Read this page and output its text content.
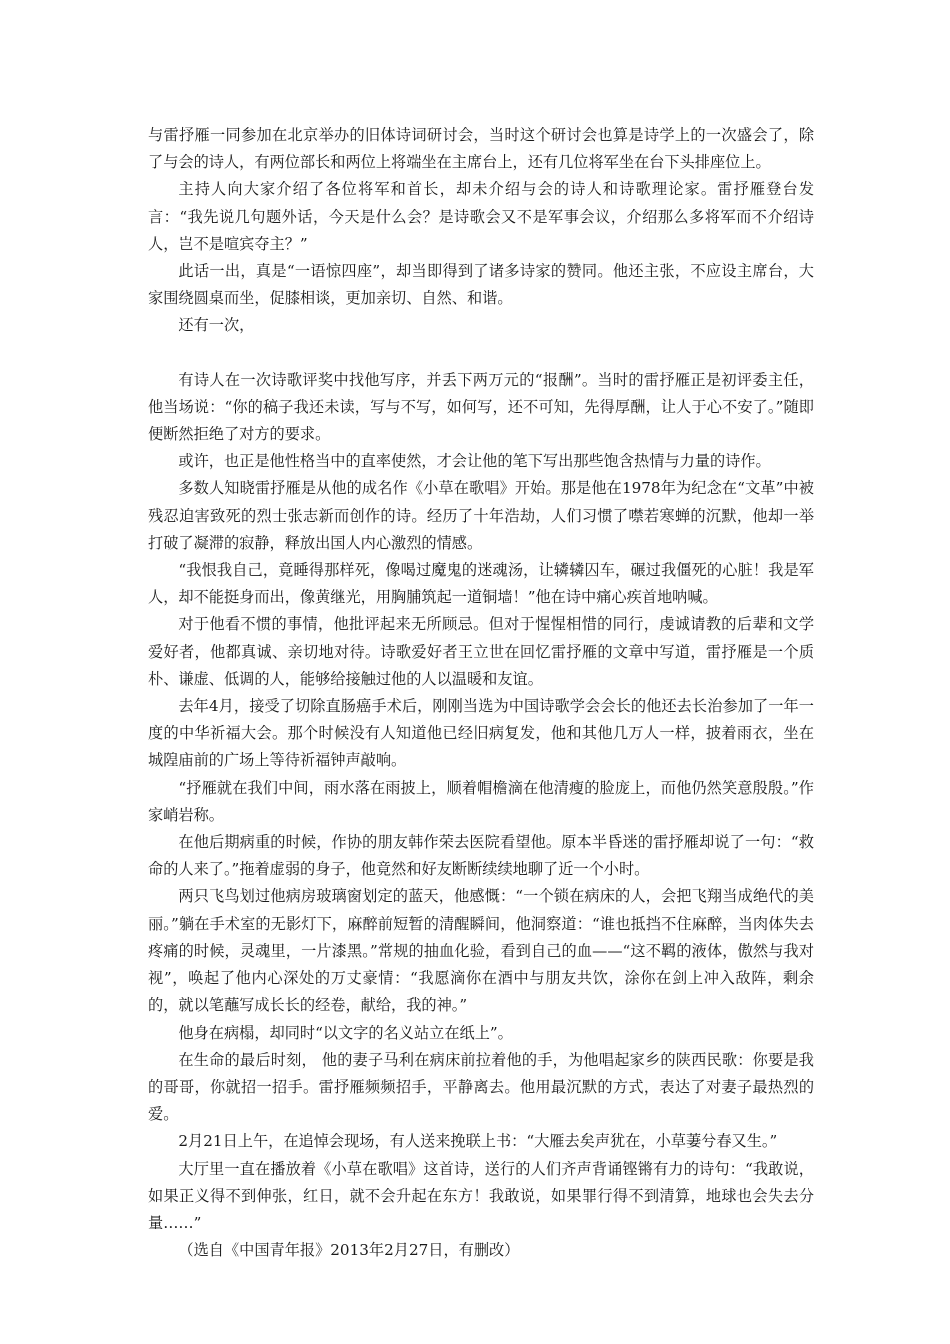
与雷抒雁一同参加在北京举办的旧体诗词研讨会，当时这个研讨会也算是诗学上的一次盛会了，除了与会的诗人，有两位部长和两位上将端坐在主席台上，还有几位将军坐在台下头排座位上。

主持人向大家介绍了各位将军和首长，却未介绍与会的诗人和诗歌理论家。雷抒雁登台发言：“我先说几句题外话，今天是什么会？是诗歌会又不是军事会议，介绍那么多将军而不介绍诗人，岂不是喧宾夺主？”

此话一出，真是“一语惊四座”，却当即得到了诸多诗家的赞同。他还主张，不应设主席台，大家围绕圆桌而坐，促膝相谈，更加亲切、自然、和谐。

还有一次，

有诗人在一次诗歌评奖中找他写序，并丢下两万元的“报酬”。当时的雷抒雁正是初评委主任，他当场说：“你的稿子我还未读，写与不写，如何写，还不可知，先得厚酬，让人于心不安了。”随即便断然拒绝了对方的要求。

或许，也正是他性格当中的直率使然，才会让他的笔下写出那些饱含热情与力量的诗作。

多数人知晓雷抒雁是从他的成名作《小草在歌唱》开始。那是他在1978年为纪念在“文革”中被残忍迫害致死的烈士张志新而创作的诗。经历了十年浩劫，人们习惯了噤若寒蝉的沉默，他却一举打破了凝滞的寂静，释放出国人内心激烈的情感。

“我恨我自己，竟睡得那样死，像喝过魔鬼的迷魂汤，让辚辚囚车，碾过我僵死的心脏！我是军人，却不能挺身而出，像黄继光，用胸脯筑起一道铜墙！”他在诗中痛心疾首地呐喊。

对于他看不惯的事情，他批评起来无所顾忌。但对于惺惺相惜的同行，虔诚请教的后辈和文学爱好者，他都真诚、亲切地对待。诗歌爱好者王立世在回忆雷抒雁的文章中写道，雷抒雁是一个质朴、谦虚、低调的人，能够给接触过他的人以温暖和友谊。

去年4月，接受了切除直肠癌手术后，刚刚当选为中国诗歌学会会长的他还去长治参加了一年一度的中华祈福大会。那个时候没有人知道他已经旧病复发，他和其他几万人一样，披着雨衣，坐在城隍庙前的广场上等待祈福钟声敲响。

“抒雁就在我们中间，雨水落在雨披上，顺着帽檐滴在他清瘦的脸庞上，而他仍然笑意殷殷。”作家峭岩称。

在他后期病重的时候，作协的朋友韩作荣去医院看望他。原本半昏迷的雷抒雁却说了一句：“救命的人来了。”拖着虚弱的身子，他竟然和好友断断续续地聊了近一个小时。

两只飞鸟划过他病房玻璃窗划定的蓝天，他感慨：“一个锁在病床的人，会把飞翔当成绝代的美丽。”躺在手术室的无影灯下，麻醉前短暂的清醒瞬间，他洞察道：“谁也抵挡不住麻醉，当肉体失去疼痛的时候，灵魂里，一片漆黑。”常规的抽血化验，看到自己的血——“这不羁的液体，傲然与我对视”，唤起了他内心深处的万丈豪情：“我愿滴你在酒中与朋友共饮，涂你在剑上冲入敌阵，剩余的，就以笔蘸写成长长的经卷，献给，我的神。”

他身在病榻，却同时“以文字的名义站立在纸上”。

在生命的最后时刻， 他的妻子马利在病床前拉着他的手，为他唱起家乡的陕西民歌：你要是我的哥哥，你就招一招手。雷抒雁频频招手，平静离去。他用最沉默的方式，表达了对妻子最热烈的爱。

2月21日上午，在追悼会现场，有人送来挽联上书：“大雁去矣声犹在，小草萋兮春又生。”

大厅里一直在播放着《小草在歌唱》这首诗，送行的人们齐声背诵铿锵有力的诗句：“我敢说，如果正义得不到伸张，红日，就不会升起在东方！我敢说，如果罪行得不到清算，地球也会失去分量……”

（选自《中国青年报》2013年2月27日，有删改）
